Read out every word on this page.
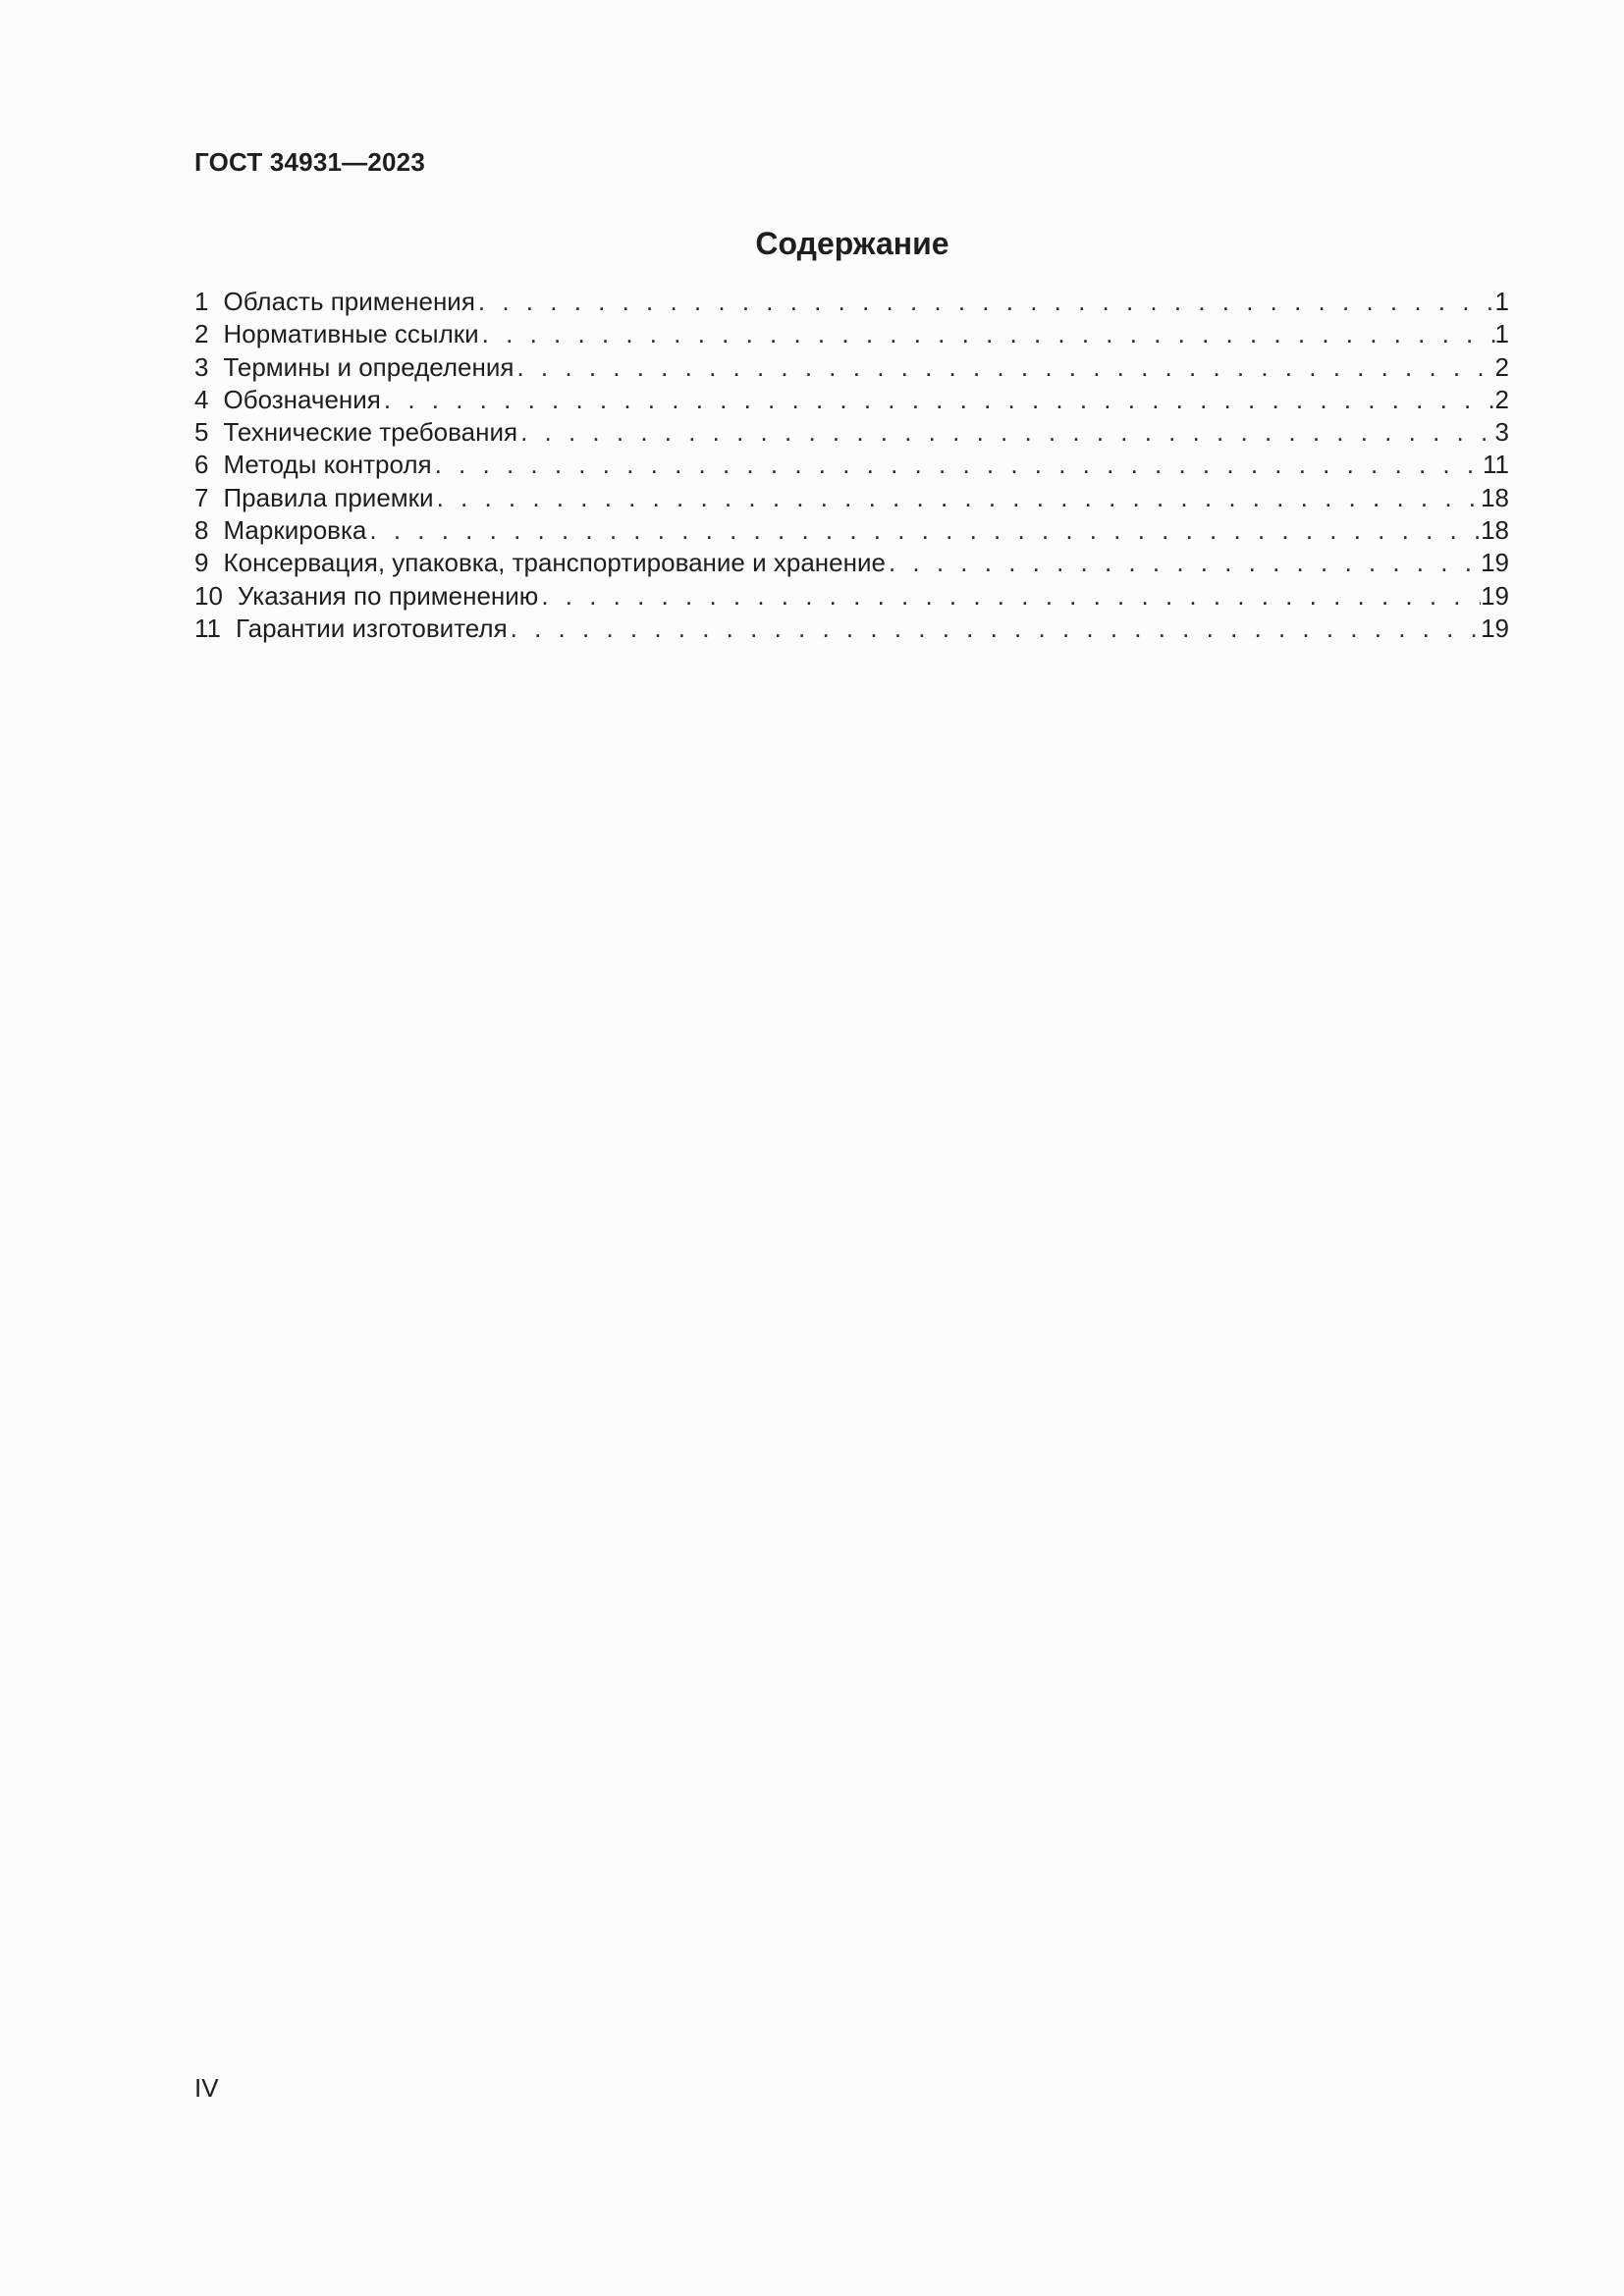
ГОСТ 34931—2023

Содержание
1 Область применения . . .	1
2 Нормативные ссылки . . .	1
3 Термины и определения . . .	2
4 Обозначения . . .	2
5 Технические требования . . .	3
6 Методы контроля . . .	11
7 Правила приемки . . .	18
8 Маркировка . . .	18
9 Консервация, упаковка, транспортирование и хранение . . .	19
10 Указания по применению . . .	19
11 Гарантии изготовителя . . .	19

IV
